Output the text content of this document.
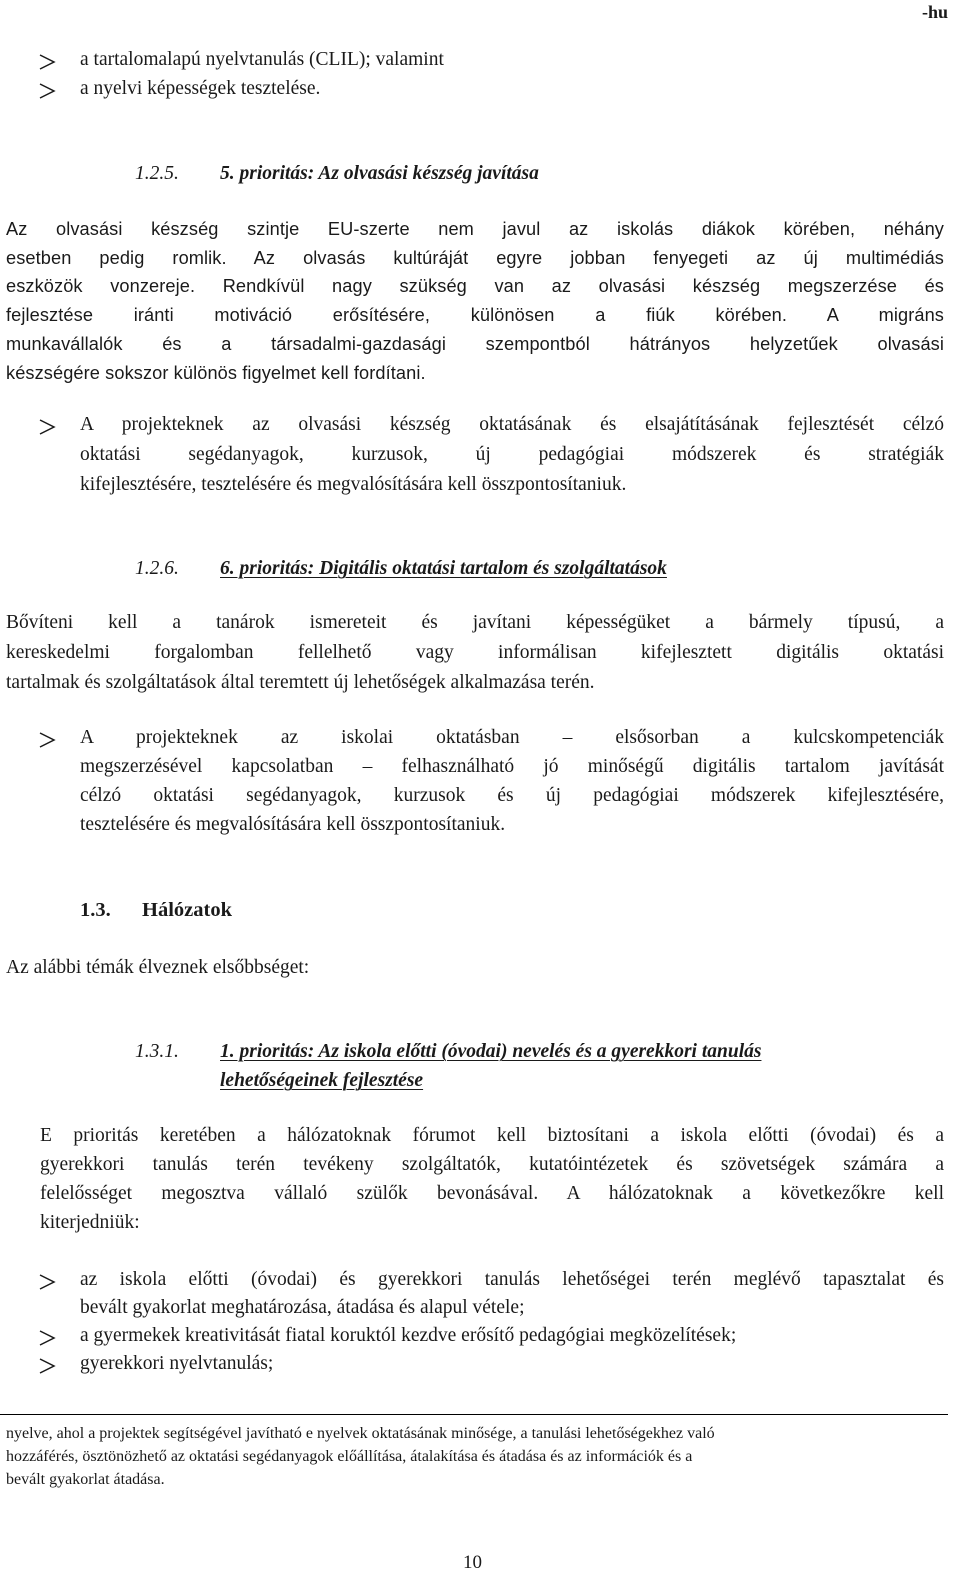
-hu
a tartalomalapú nyelvtanulás (CLIL); valamint
a nyelvi képességek tesztelése.
1.2.5. 5. prioritás: Az olvasási készség javítása
Az olvasási készség szintje EU-szerte nem javul az iskolás diákok körében, néhány
esetben pedig romlik. Az olvasás kultúráját egyre jobban fenyegeti az új multimédiás
eszközök vonzereje. Rendkívül nagy szükség van az olvasási készség megszerzése és
fejlesztése iránti motiváció erősítésére, különösen a fiúk körében. A migráns
munkavállalók és a társadalmi-gazdasági szempontból hátrányos helyzetűek olvasási
készségére sokszor különös figyelmet kell fordítani.
A projekteknek az olvasási készség oktatásának és elsajátításának fejlesztését célzó
oktatási segédanyagok, kurzusok, új pedagógiai módszerek és stratégiák
kifejlesztésére, tesztelésére és megvalósítására kell összpontosítaniuk.
1.2.6. 6. prioritás: Digitális oktatási tartalom és szolgáltatások
Bővíteni kell a tanárok ismereteit és javítani képességüket a bármely típusú, a
kereskedelmi forgalomban fellelhető vagy informálisan kifejlesztett digitális oktatási
tartalmak és szolgáltatások által teremtett új lehetőségek alkalmazása terén.
A projekteknek az iskolai oktatásban – elsősorban a kulcskompetenciák
megszerzésével kapcsolatban – felhasználható jó minőségű digitális tartalom javítását
célzó oktatási segédanyagok, kurzusok és új pedagógiai módszerek kifejlesztésére,
tesztelésére és megvalósítására kell összpontosítaniuk.
1.3. Hálózatok
Az alábbi témák élveznek elsőbbséget:
1.3.1. 1. prioritás: Az iskola előtti (óvodai) nevelés és a gyerekkori tanulás
lehetőségeinek fejlesztése
E prioritás keretében a hálózatoknak fórumot kell biztosítani a iskola előtti (óvodai) és a
gyerekkori tanulás terén tevékeny szolgáltatók, kutatóintézetek és szövetségek számára a
felelősséget megosztva vállaló szülők bevonásával. A hálózatoknak a következőkre kell
kiterjedniük:
az iskola előtti (óvodai) és gyerekkori tanulás lehetőségei terén meglévő tapasztalat és
bevált gyakorlat meghatározása, átadása és alapul vétele;
a gyermekek kreativitását fiatal koruktól kezdve erősítő pedagógiai megközelítések;
gyerekkori nyelvtanulás;
nyelve, ahol a projektek segítségével javítható e nyelvek oktatásának minősége, a tanulási lehetőségekhez való
hozzáférés, ösztönözhető az oktatási segédanyagok előállítása, átalakítása és átadása és az információk és a
bevált gyakorlat átadása.
10
